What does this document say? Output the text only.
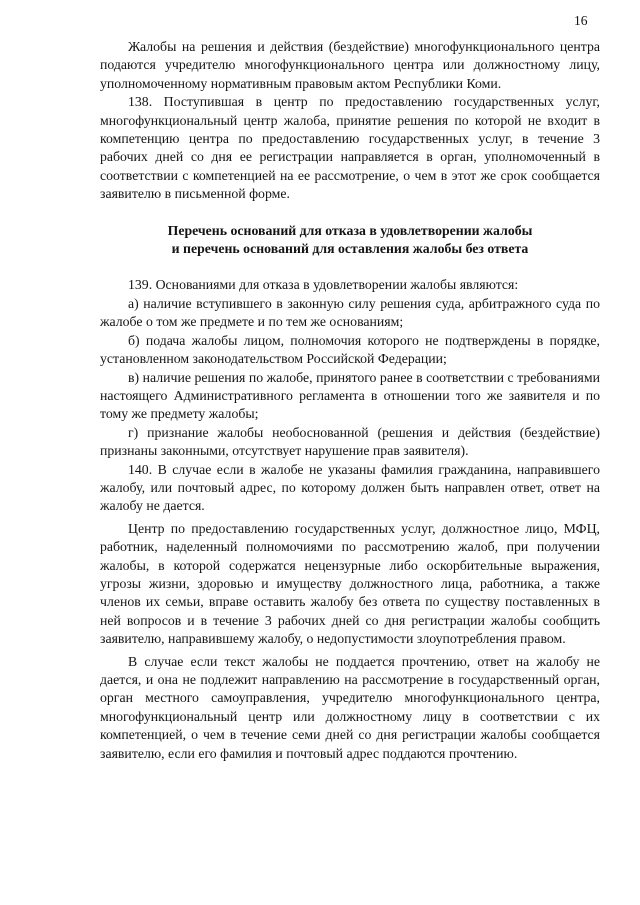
16

Жалобы на решения и действия (бездействие) многофункционального центра подаются учредителю многофункционального центра или должностному лицу, уполномоченному нормативным правовым актом Республики Коми.

138. Поступившая в центр по предоставлению государственных услуг, многофункциональный центр жалоба, принятие решения по которой не входит в компетенцию центра по предоставлению государственных услуг, в течение 3 рабочих дней со дня ее регистрации направляется в орган, уполномоченный в соответствии с компетенцией на ее рассмотрение, о чем в этот же срок сообщается заявителю в письменной форме.

Перечень оснований для отказа в удовлетворении жалобы
и перечень оснований для оставления жалобы без ответа

139. Основаниями для отказа в удовлетворении жалобы являются:

а) наличие вступившего в законную силу решения суда, арбитражного суда по жалобе о том же предмете и по тем же основаниям;

б) подача жалобы лицом, полномочия которого не подтверждены в порядке, установленном законодательством Российской Федерации;

в) наличие решения по жалобе, принятого ранее в соответствии с требованиями настоящего Административного регламента в отношении того же заявителя и по тому же предмету жалобы;

г) признание жалобы необоснованной (решения и действия (бездействие) признаны законными, отсутствует нарушение прав заявителя).

140. В случае если в жалобе не указаны фамилия гражданина, направившего жалобу, или почтовый адрес, по которому должен быть направлен ответ, ответ на жалобу не дается.

Центр по предоставлению государственных услуг, должностное лицо, МФЦ, работник, наделенный полномочиями по рассмотрению жалоб, при получении жалобы, в которой содержатся нецензурные либо оскорбительные выражения, угрозы жизни, здоровью и имуществу должностного лица, работника, а также членов их семьи, вправе оставить жалобу без ответа по существу поставленных в ней вопросов и в течение 3 рабочих дней со дня регистрации жалобы сообщить заявителю, направившему жалобу, о недопустимости злоупотребления правом.

В случае если текст жалобы не поддается прочтению, ответ на жалобу не дается, и она не подлежит направлению на рассмотрение в государственный орган, орган местного самоуправления, учредителю многофункционального центра, многофункциональный центр или должностному лицу в соответствии с их компетенцией, о чем в течение семи дней со дня регистрации жалобы сообщается заявителю, если его фамилия и почтовый адрес поддаются прочтению.
